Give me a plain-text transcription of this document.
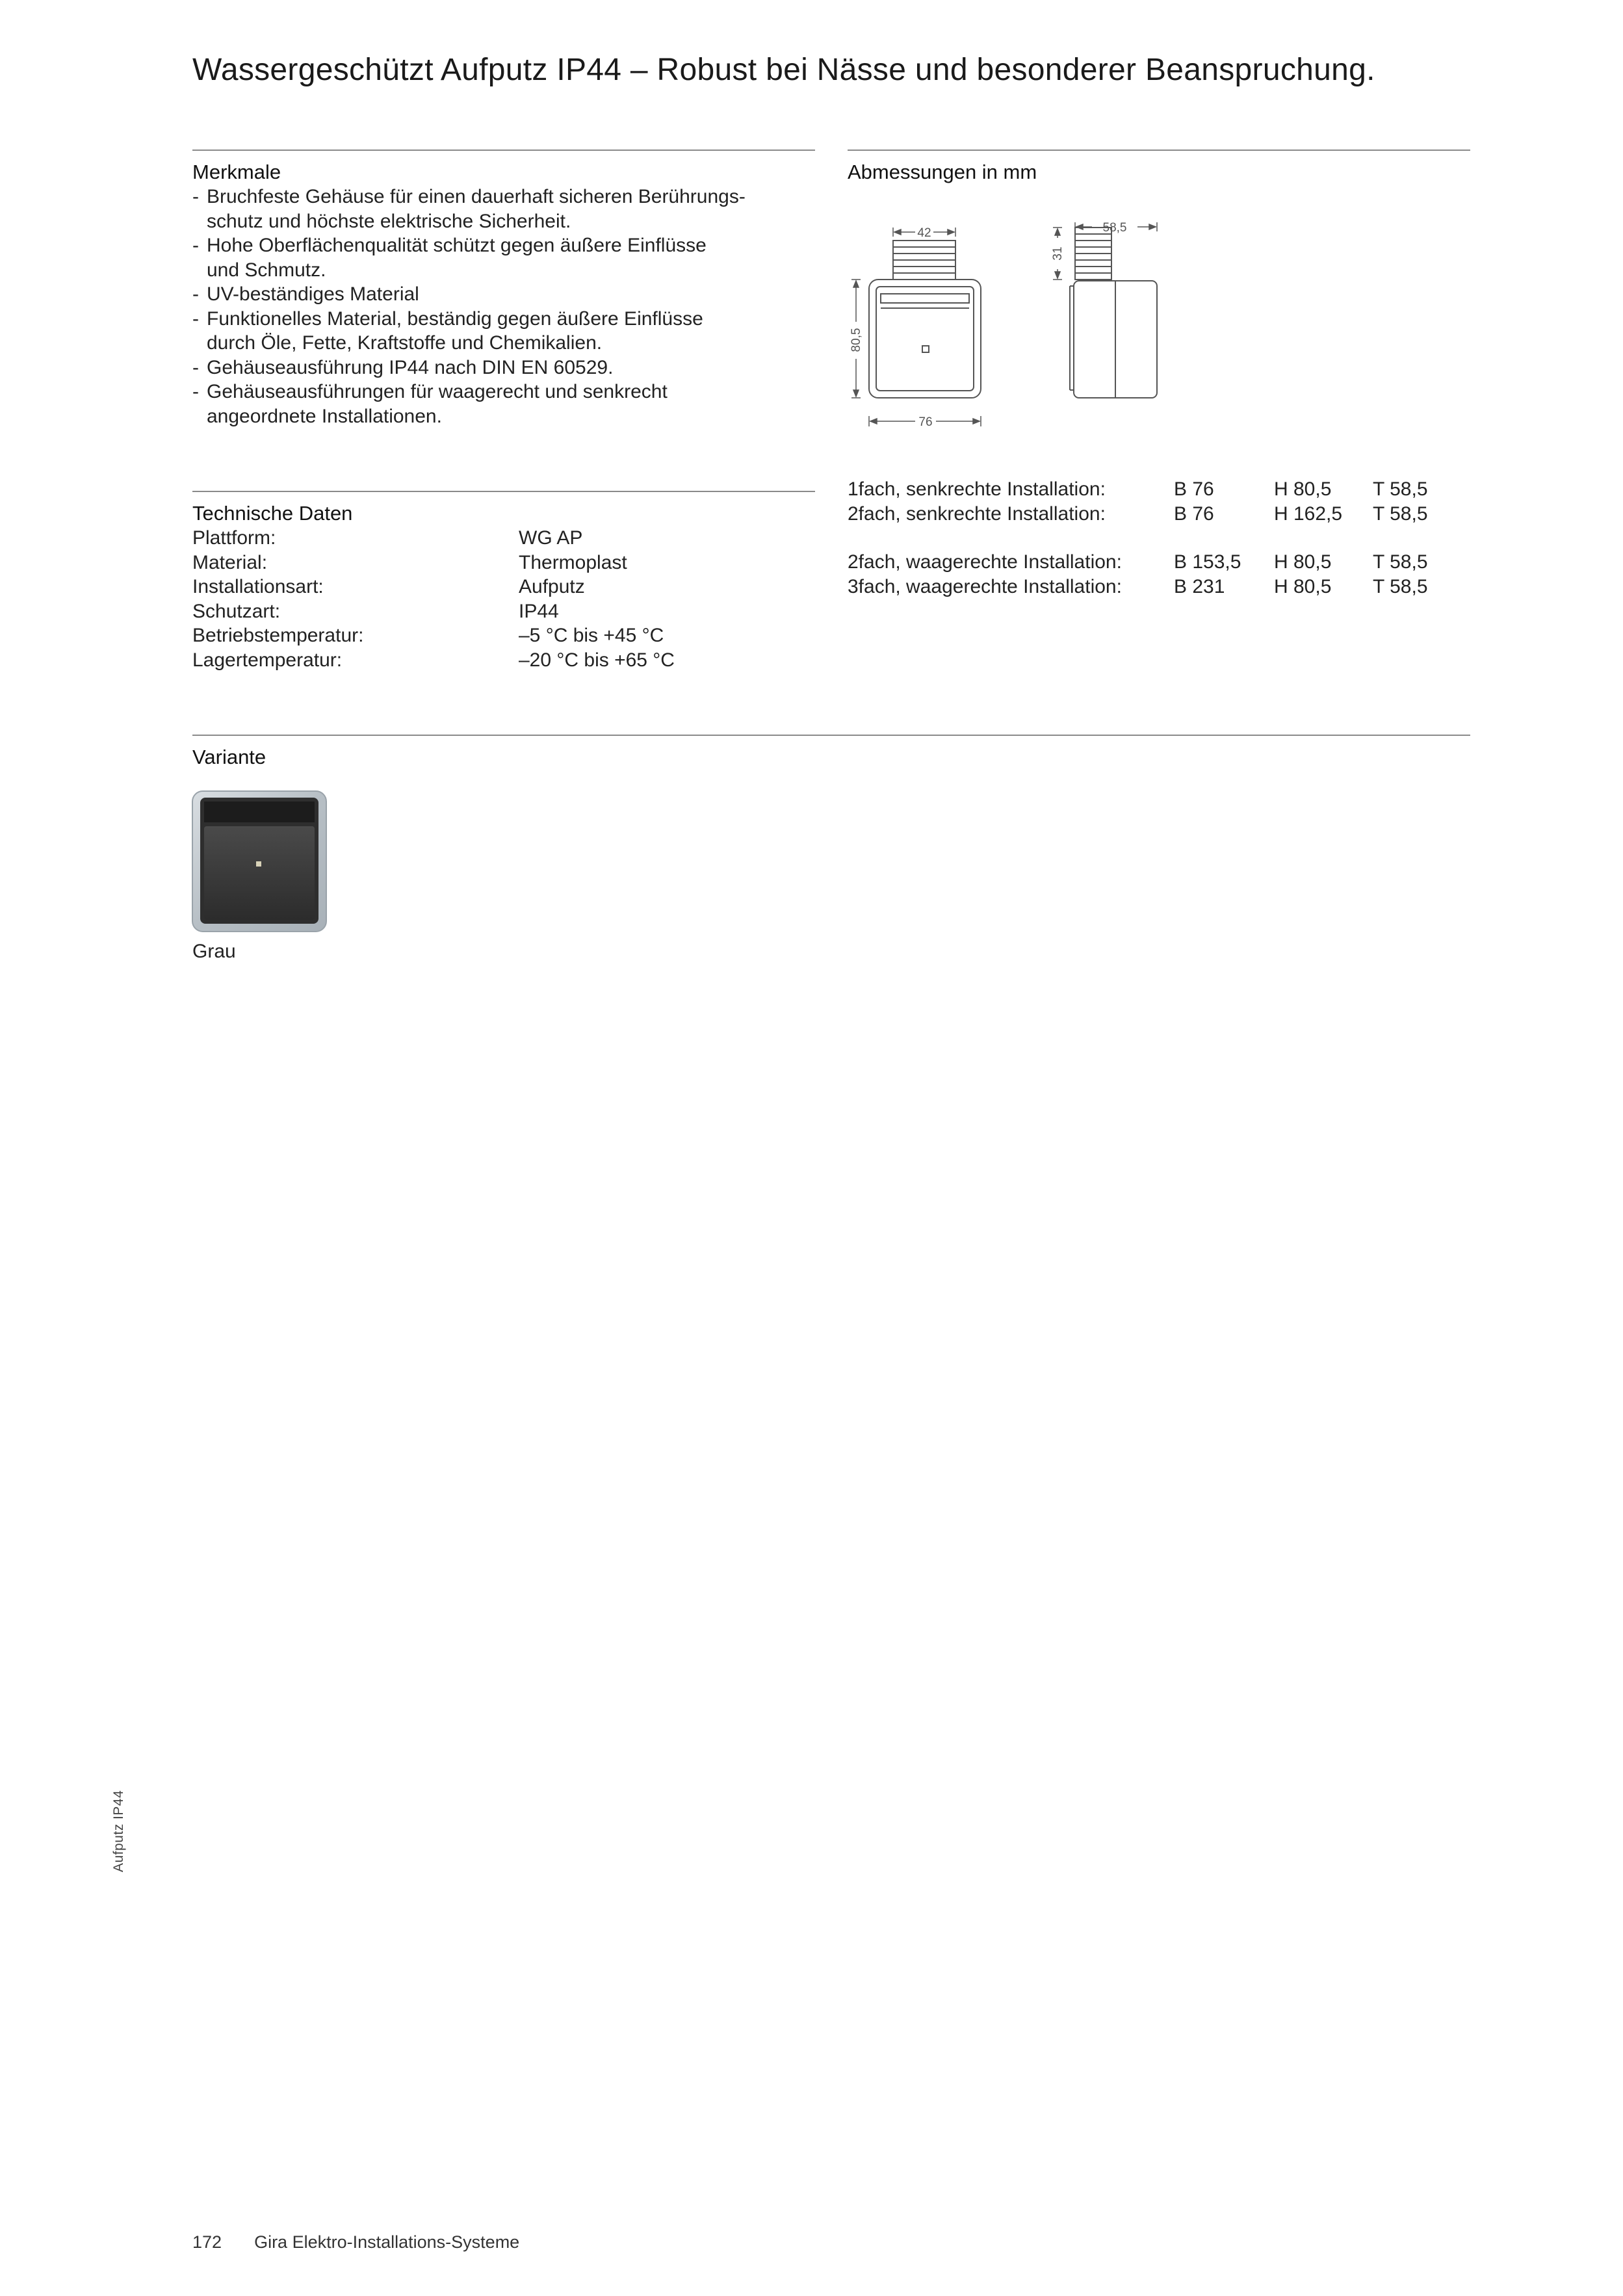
Wassergeschützt Aufputz IP44 – Robust bei Nässe und besonderer Beanspruchung.
Merkmale
- Bruchfeste Gehäuse für einen dauerhaft sicheren Berührungs-
schutz und höchste elektrische Sicherheit.
- Hohe Oberflächenqualität schützt gegen äußere Einflüsse
und Schmutz.
- UV-beständiges Material
- Funktionelles Material, beständig gegen äußere Einflüsse
durch Öle, Fette, Kraftstoffe und Chemikalien.
- Gehäuseausführung IP44 nach DIN EN 60529.
- Gehäuseausführungen für waagerecht und senkrecht
angeordnete Installationen.
Abmessungen in mm
42	58,5
31
80,5
76
1fach, senkrechte Installation:	B 76	H 80,5	T 58,5
2fach, senkrechte Installation:	B 76	H 162,5	T 58,5

2fach, waagerechte Installation:	B 153,5	H 80,5	T 58,5
3fach, waagerechte Installation:	B 231	H 80,5	T 58,5
Technische Daten
Plattform:	WG AP
Material:	Thermoplast
Installationsart:	Aufputz
Schutzart:	IP44
Betriebstemperatur:	–5 °C bis +45 °C
Lagertemperatur:	–20 °C bis +65 °C
Variante
Grau
Aufputz IP44
172 Gira Elektro-Installations-Systeme
